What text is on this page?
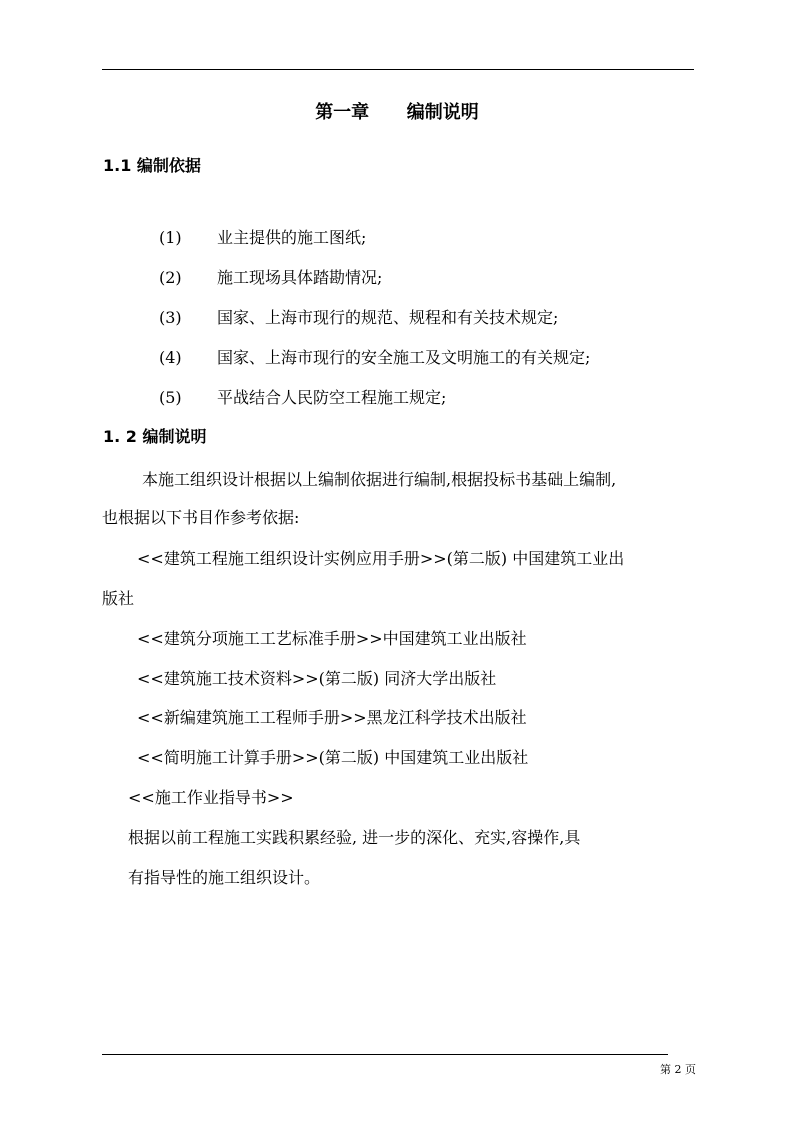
第一章      编制说明
1.1 编制依据
(1) 业主提供的施工图纸;
(2) 施工现场具体踏勘情况;
(3) 国家、上海市现行的规范、规程和有关技术规定;
(4) 国家、上海市现行的安全施工及文明施工的有关规定;
(5) 平战结合人民防空工程施工规定;
1. 2 编制说明
本施工组织设计根据以上编制依据进行编制,根据投标书基础上编制,
也根据以下书目作参考依据:
<<建筑工程施工组织设计实例应用手册>>(第二版) 中国建筑工业出
版社
<<建筑分项施工工艺标准手册>>中国建筑工业出版社
<<建筑施工技术资料>>(第二版) 同济大学出版社
<<新编建筑施工工程师手册>>黑龙江科学技术出版社
<<简明施工计算手册>>(第二版) 中国建筑工业出版社
<<施工作业指导书>>
根据以前工程施工实践积累经验, 进一步的深化、充实,容操作,具
有指导性的施工组织设计。
第 2 页
